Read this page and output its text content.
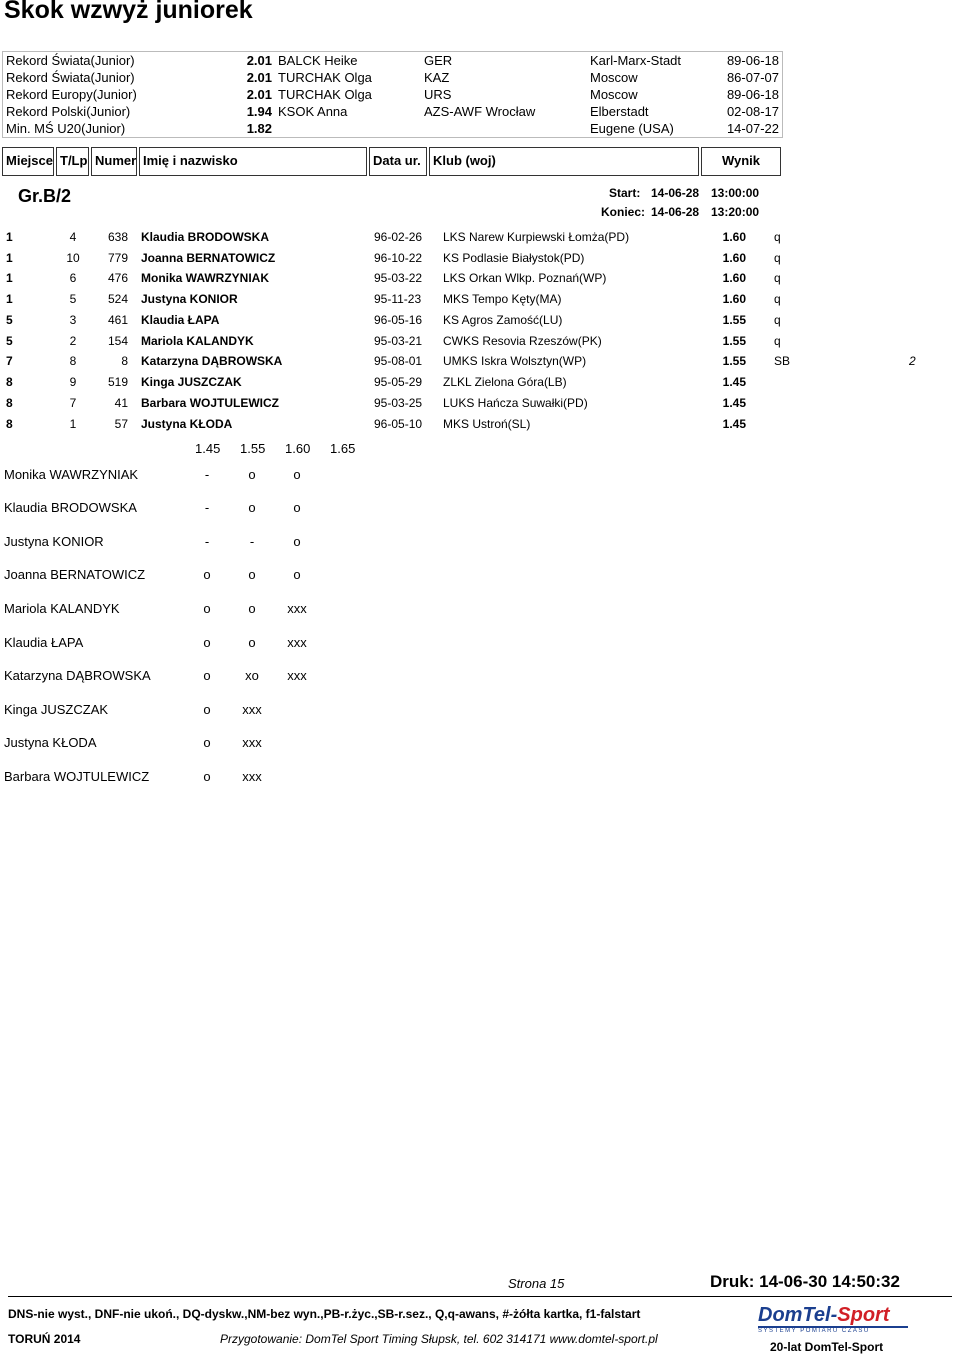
Skok wzwyż juniorek
Rekord Świata(Junior)	2.01	BALCK Heike	GER	Karl-Marx-Stadt	89-06-18
Rekord Świata(Junior)	2.01	TURCHAK Olga	KAZ	Moscow	86-07-07
Rekord Europy(Junior)	2.01	TURCHAK Olga	URS	Moscow	89-06-18
Rekord Polski(Junior)	1.94	KSOK Anna	AZS-AWF Wrocław	Elberstadt	02-08-17
Min. MŚ U20(Junior)	1.82			Eugene (USA)	14-07-22
Miejsce T/Lp Numer Imię i nazwisko	Data ur. Klub (woj)	Wynik
Gr.B/2	Start: 14-06-28 13:00:00
Koniec: 14-06-28 13:20:00
1	4	638 Klaudia BRODOWSKA	96-02-26 LKS Narew Kurpiewski Łomża(PD)	1.60 q
1	10	779 Joanna BERNATOWICZ	96-10-22 KS Podlasie Białystok(PD)	1.60 q
1	6	476 Monika WAWRZYNIAK	95-03-22 LKS Orkan Wlkp. Poznań(WP)	1.60 q
1	5	524 Justyna KONIOR	95-11-23 MKS Tempo Kęty(MA)	1.60 q
5	3	461 Klaudia ŁAPA	96-05-16 KS Agros Zamość(LU)	1.55 q
5	2	154 Mariola KALANDYK	95-03-21 CWKS Resovia Rzeszów(PK)	1.55 q
7	8	8 Katarzyna DĄBROWSKA	95-08-01 UMKS Iskra Wolsztyn(WP)	1.55 SB	2
8	9	519 Kinga JUSZCZAK	95-05-29 ZLKL Zielona Góra(LB)	1.45
8	7	41 Barbara WOJTULEWICZ	95-03-25 LUKS Hańcza Suwałki(PD)	1.45
8	1	57 Justyna KŁODA	96-05-10 MKS Ustroń(SL)	1.45
1.45 1.55 1.60 1.65
Monika WAWRZYNIAK	-	o	o
Klaudia BRODOWSKA	-	o	o
Justyna KONIOR	-	-	o
Joanna BERNATOWICZ	o	o	o
Mariola KALANDYK	o	o	xxx
Klaudia ŁAPA	o	o	xxx
Katarzyna DĄBROWSKA	o	xo	xxx
Kinga JUSZCZAK	o	xxx
Justyna KŁODA	o	xxx
Barbara WOJTULEWICZ	o	xxx
Strona 15	Druk: 14-06-30 14:50:32
DNS-nie wyst., DNF-nie ukoń., DQ-dyskw.,NM-bez wyn.,PB-r.życ.,SB-r.sez., Q,q-awans, #-żółta kartka, f1-falstart
TORUŃ 2014	Przygotowanie: DomTel Sport Timing Słupsk, tel. 602 314171 www.domtel-sport.pl
DomTel-Sport
SYSTEMY POMIARU CZASU
20-lat DomTel-Sport
